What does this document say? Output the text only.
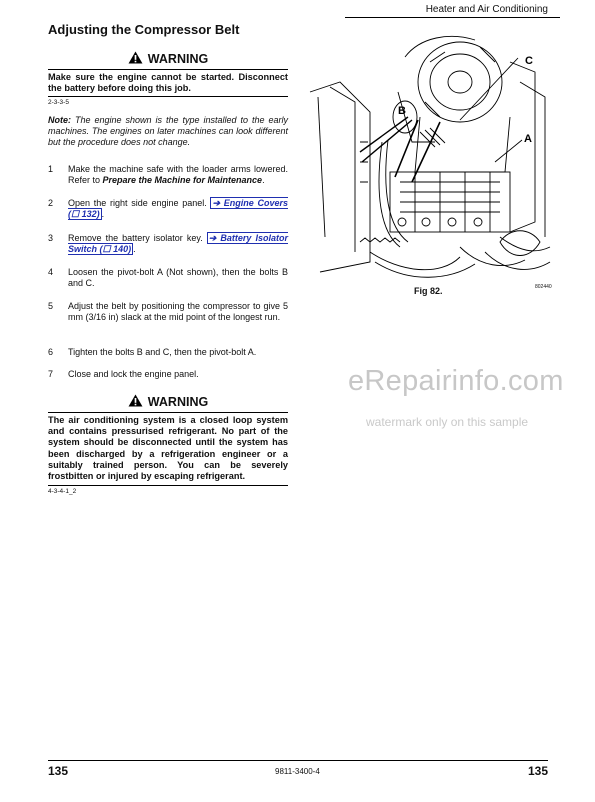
Heater and Air Conditioning
Adjusting the Compressor Belt
WARNING
Make sure the engine cannot be started. Disconnect the battery before doing this job.
2-3-3-5
Note: The engine shown is the type installed to the early machines. The engines on later machines can look different but the procedure does not change.
1 Make the machine safe with the loader arms lowered. Refer to Prepare the Machine for Maintenance.
2 Open the right side engine panel. ➔ Engine Covers (☐ 132) .
3 Remove the battery isolator key. ➔ Battery Isolator Switch (☐ 140) .
4 Loosen the pivot-bolt A (Not shown), then the bolts B and C.
5 Adjust the belt by positioning the compressor to give 5 mm (3/16 in) slack at the mid point of the longest run.
6 Tighten the bolts B and C, then the pivot-bolt A.
7 Close and lock the engine panel.
WARNING
The air conditioning system is a closed loop system and contains pressurised refrigerant. No part of the system should be disconnected until the system has been discharged by a refrigeration engineer or a suitably trained person. You can be severely frostbitten or injured by escaping refrigerant.
4-3-4-1_2
B
C
A
Fig 82.	802440
eRepairinfo.com
watermark only on this sample
135	9811-3400-4	135
